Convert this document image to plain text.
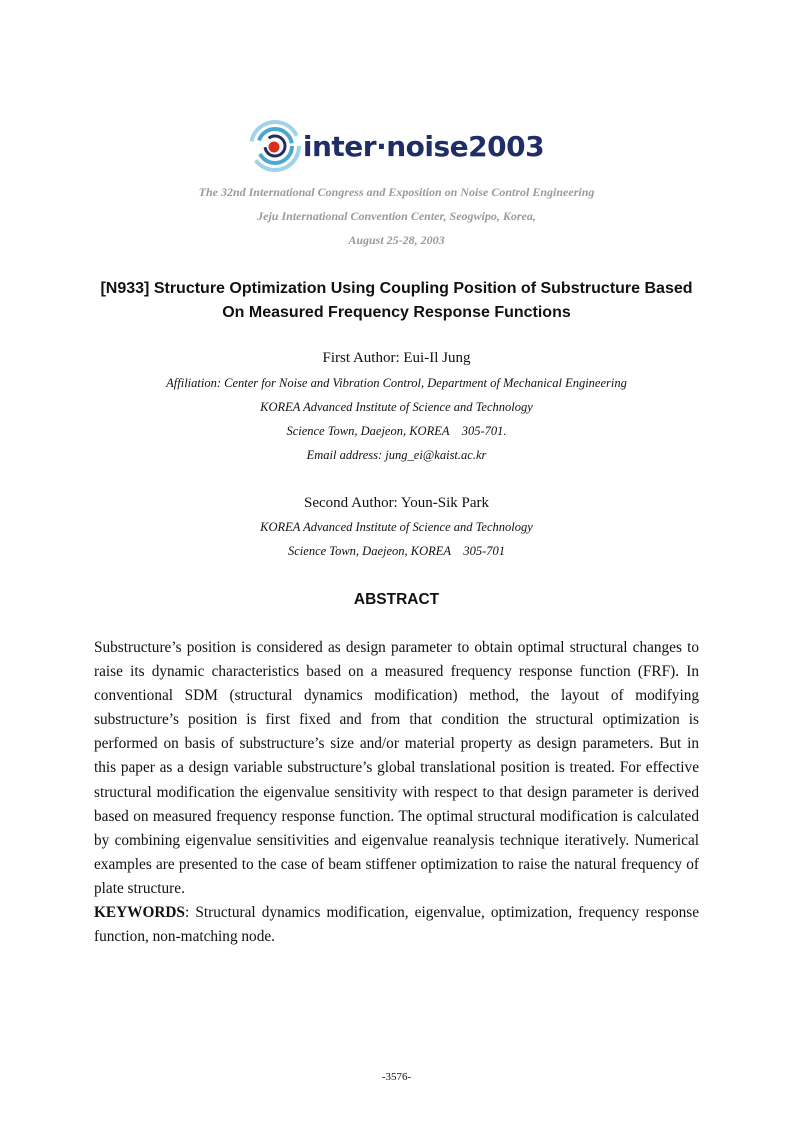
inter·noise2003
The 32nd International Congress and Exposition on Noise Control Engineering
Jeju International Convention Center, Seogwipo, Korea,
August 25-28, 2003
[N933] Structure Optimization Using Coupling Position of Substructure Based
On Measured Frequency Response Functions
First Author: Eui-Il Jung
Affiliation: Center for Noise and Vibration Control, Department of Mechanical Engineering
KOREA Advanced Institute of Science and Technology
Science Town, Daejeon, KOREA    305-701.
Email address: jung_ei@kaist.ac.kr
Second Author: Youn-Sik Park
KOREA Advanced Institute of Science and Technology
Science Town, Daejeon, KOREA    305-701
ABSTRACT

Substructure’s position is considered as design parameter to obtain optimal structural changes to raise its dynamic characteristics based on a measured frequency response function (FRF). In conventional SDM (structural dynamics modification) method, the layout of modifying substructure’s position is first fixed and from that condition the structural optimization is performed on basis of substructure’s size and/or material property as design parameters. But in this paper as a design variable substructure’s global translational position is treated. For effective structural modification the eigenvalue sensitivity with respect to that design parameter is derived based on measured frequency response function. The optimal structural modification is calculated by combining eigenvalue sensitivities and eigenvalue reanalysis technique iteratively. Numerical examples are presented to the case of beam stiffener optimization to raise the natural frequency of plate structure.

KEYWORDS: Structural dynamics modification, eigenvalue, optimization, frequency response function, non-matching node.

-3576-
